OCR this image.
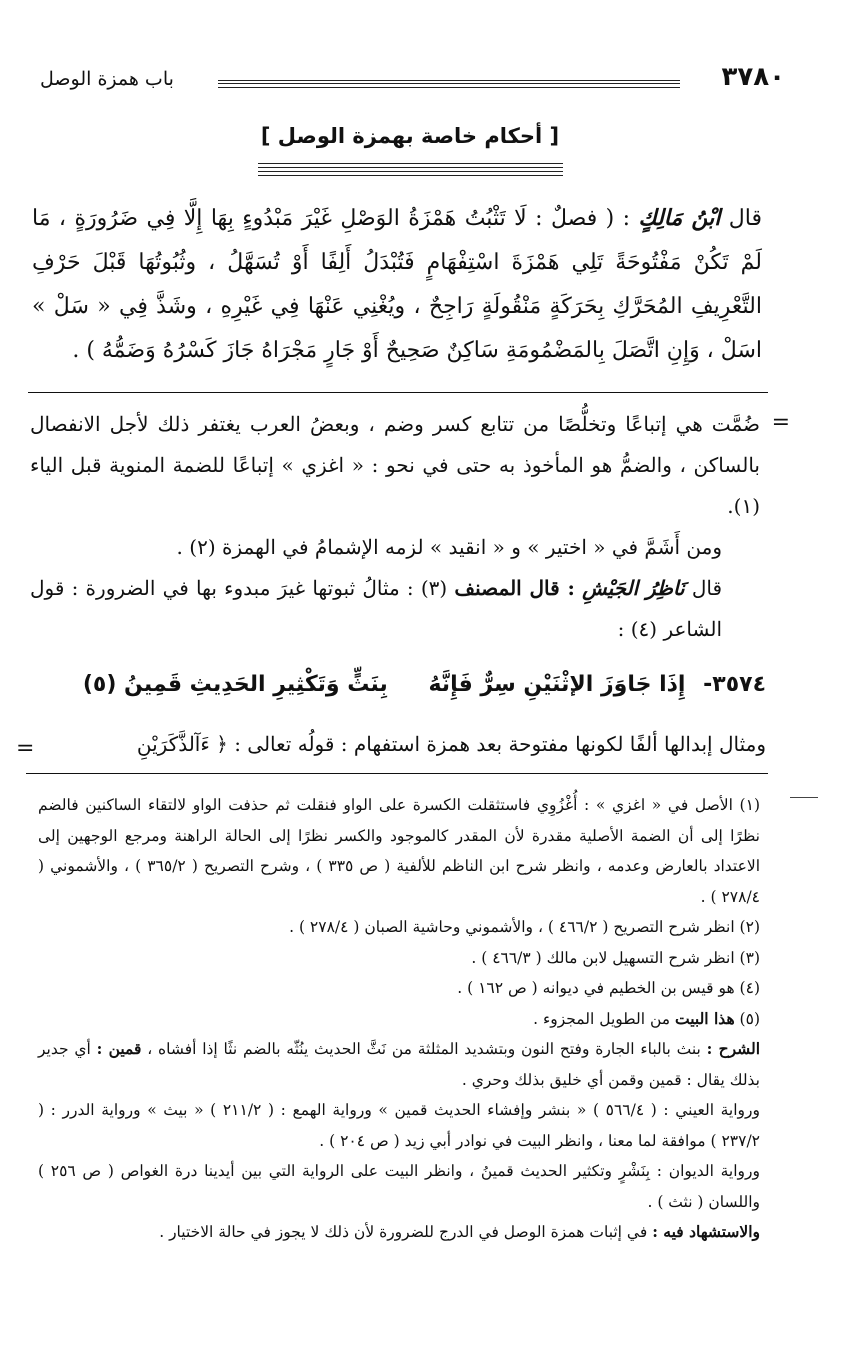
٣٧٨٠
باب همزة الوصل
[ أحكام خاصة بهمزة الوصل ]
قال ابْنُ مَالِكٍ : ( فصلٌ : لَا تَثْبُتُ هَمْزَةُ الوَصْلِ غَيْرَ مَبْدُوءٍ بِهَا إِلَّا فِي ضَرُورَةٍ ، مَا لَمْ تَكُنْ مَفْتُوحَةً تَلِي هَمْزَةَ اسْتِفْهَامٍ فَتُبْدَلُ أَلِفًا أَوْ تُسَهَّلُ ، وثُبُوتُهَا قَبْلَ حَرْفِ التَّعْرِيفِ المُحَرَّكِ بِحَرَكَةٍ مَنْقُولَةٍ رَاجِحٌ ، ويُغْنِي عَنْهَا فِي غَيْرِهِ ، وشَذَّ فِي « سَلْ » اسَلْ ، وَإِنِ اتَّصَلَ بِالمَضْمُومَةِ سَاكِنٌ صَحِيحٌ أَوْ جَارٍ مَجْرَاهُ جَازَ كَسْرُهُ وَضَمُّهُ ) .
=

ضُمَّت هي إتباعًا وتخلُّصًا من تتابع كسر وضم ، وبعضُ العرب يغتفر ذلك لأجل الانفصال بالساكن ، والضمُّ هو المأخوذ به حتى في نحو : « اغزي » إتباعًا للضمة المنوية قبل الياء (١).

ومن أَشَمَّ في « اختير » و « انقيد » لزمه الإشمامُ في الهمزة (٢) .

قال نَاظِرُ الجَيْشِ : قال المصنف (٣) : مثالُ ثبوتها غيرَ مبدوء بها في الضرورة : قول الشاعر (٤) :

٣٥٧٤- إِذَا جَاوَزَ الإثْنَيْنِ سِرٌّ فَإِنَّهُ بِنَثٍّ وَتَكْثِيرِ الحَدِيثِ قَمِينُ (٥)
ومثال إبدالها ألفًا لكونها مفتوحة بعد همزة استفهام : قولُه تعالى : ﴿ ءَآلذَّكَرَيْنِ
=

(١) الأصل في « اغزي » : أُغْزُوِي فاستثقلت الكسرة على الواو فنقلت ثم حذفت الواو لالتقاء الساكنين فالضم نظرًا إلى أن الضمة الأصلية مقدرة لأن المقدر كالموجود والكسر نظرًا إلى الحالة الراهنة ومرجع الوجهين إلى الاعتداد بالعارض وعدمه ، وانظر شرح ابن الناظم للألفية ( ص ٣٣٥ ) ، وشرح التصريح ( ٣٦٥/٢ ) ، والأشموني ( ٢٧٨/٤ ) .

(٢) انظر شرح التصريح ( ٤٦٦/٢ ) ، والأشموني وحاشية الصبان ( ٢٧٨/٤ ) .

(٣) انظر شرح التسهيل لابن مالك ( ٤٦٦/٣ ) .

(٤) هو قيس بن الخطيم في ديوانه ( ص ١٦٢ ) .

(٥) هذا البيت من الطويل المجزوء .

الشرح : بنث بالباء الجارة وفتح النون وبتشديد المثلثة من نَثَّ الحديث ينُثّه بالضم نثًا إذا أفشاه ، قمين : أي جدير بذلك يقال : قمين وقمن أي خليق بذلك وحري .

ورواية العيني : ( ٥٦٦/٤ ) « بنشر وإفشاء الحديث قمين » ورواية الهمع : ( ٢١١/٢ ) « بيث » ورواية الدرر : ( ٢٣٧/٢ ) موافقة لما معنا ، وانظر البيت في نوادر أبي زيد ( ص ٢٠٤ ) .

ورواية الديوان : بِنَشْرٍ وتكثير الحديث قمينُ ، وانظر البيت على الرواية التي بين أيدينا درة الغواص ( ص ٢٥٦ ) واللسان ( نثث ) .

والاستشهاد فيه : في إثبات همزة الوصل في الدرج للضرورة لأن ذلك لا يجوز في حالة الاختيار .
